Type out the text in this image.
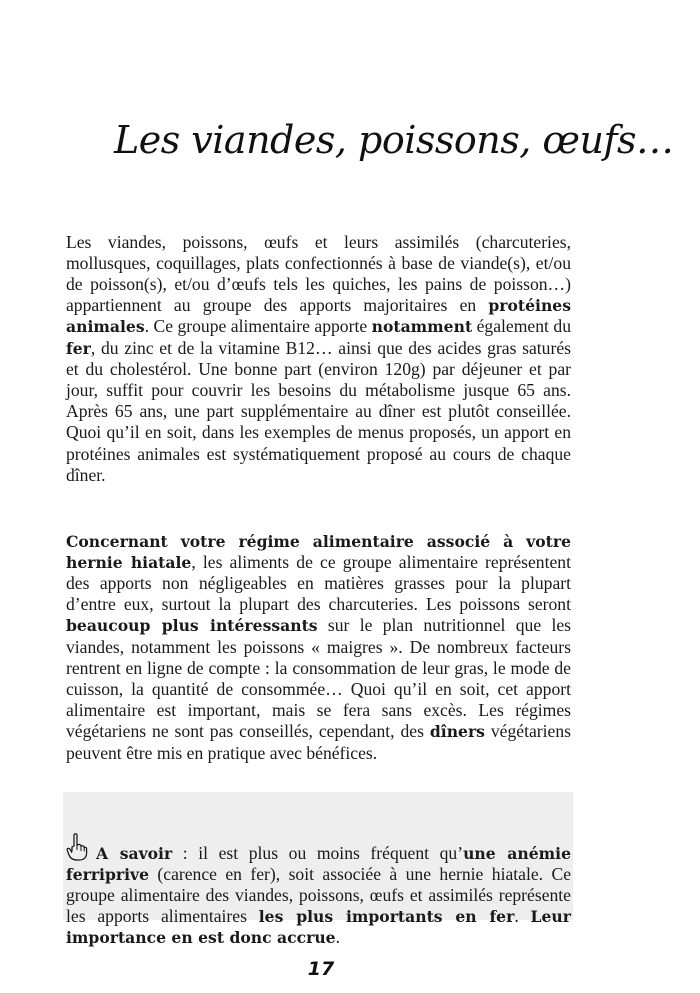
Les viandes, poissons, œufs…

Les viandes, poissons, œufs et leurs assimilés (charcuteries, mollusques, coquillages, plats confectionnés à base de viande(s), et/ou de poisson(s), et/ou d’œufs tels les quiches, les pains de poisson…) appartiennent au groupe des apports majoritaires en protéines animales. Ce groupe alimentaire apporte notamment également du fer, du zinc et de la vitamine B12… ainsi que des acides gras saturés et du cholestérol. Une bonne part (environ 120g) par déjeuner et par jour, suffit pour couvrir les besoins du métabolisme jusque 65 ans. Après 65 ans, une part supplémentaire au dîner est plutôt conseillée. Quoi qu’il en soit, dans les exemples de menus proposés, un apport en protéines animales est systématiquement proposé au cours de chaque dîner.

Concernant votre régime alimentaire associé à votre hernie hiatale, les aliments de ce groupe alimentaire représentent des apports non négligeables en matières grasses pour la plupart d’entre eux, surtout la plupart des charcuteries. Les poissons seront beaucoup plus intéressants sur le plan nutritionnel que les viandes, notamment les poissons « maigres ». De nombreux facteurs rentrent en ligne de compte : la consommation de leur gras, le mode de cuisson, la quantité de consommée… Quoi qu’il en soit, cet apport alimentaire est important, mais se fera sans excès. Les régimes végétariens ne sont pas conseillés, cependant, des dîners végétariens peuvent être mis en pratique avec bénéfices.

A savoir : il est plus ou moins fréquent qu’une anémie ferriprive (carence en fer), soit associée à une hernie hiatale. Ce groupe alimentaire des viandes, poissons, œufs et assimilés représente les apports alimentaires les plus importants en fer. Leur importance en est donc accrue.

17
